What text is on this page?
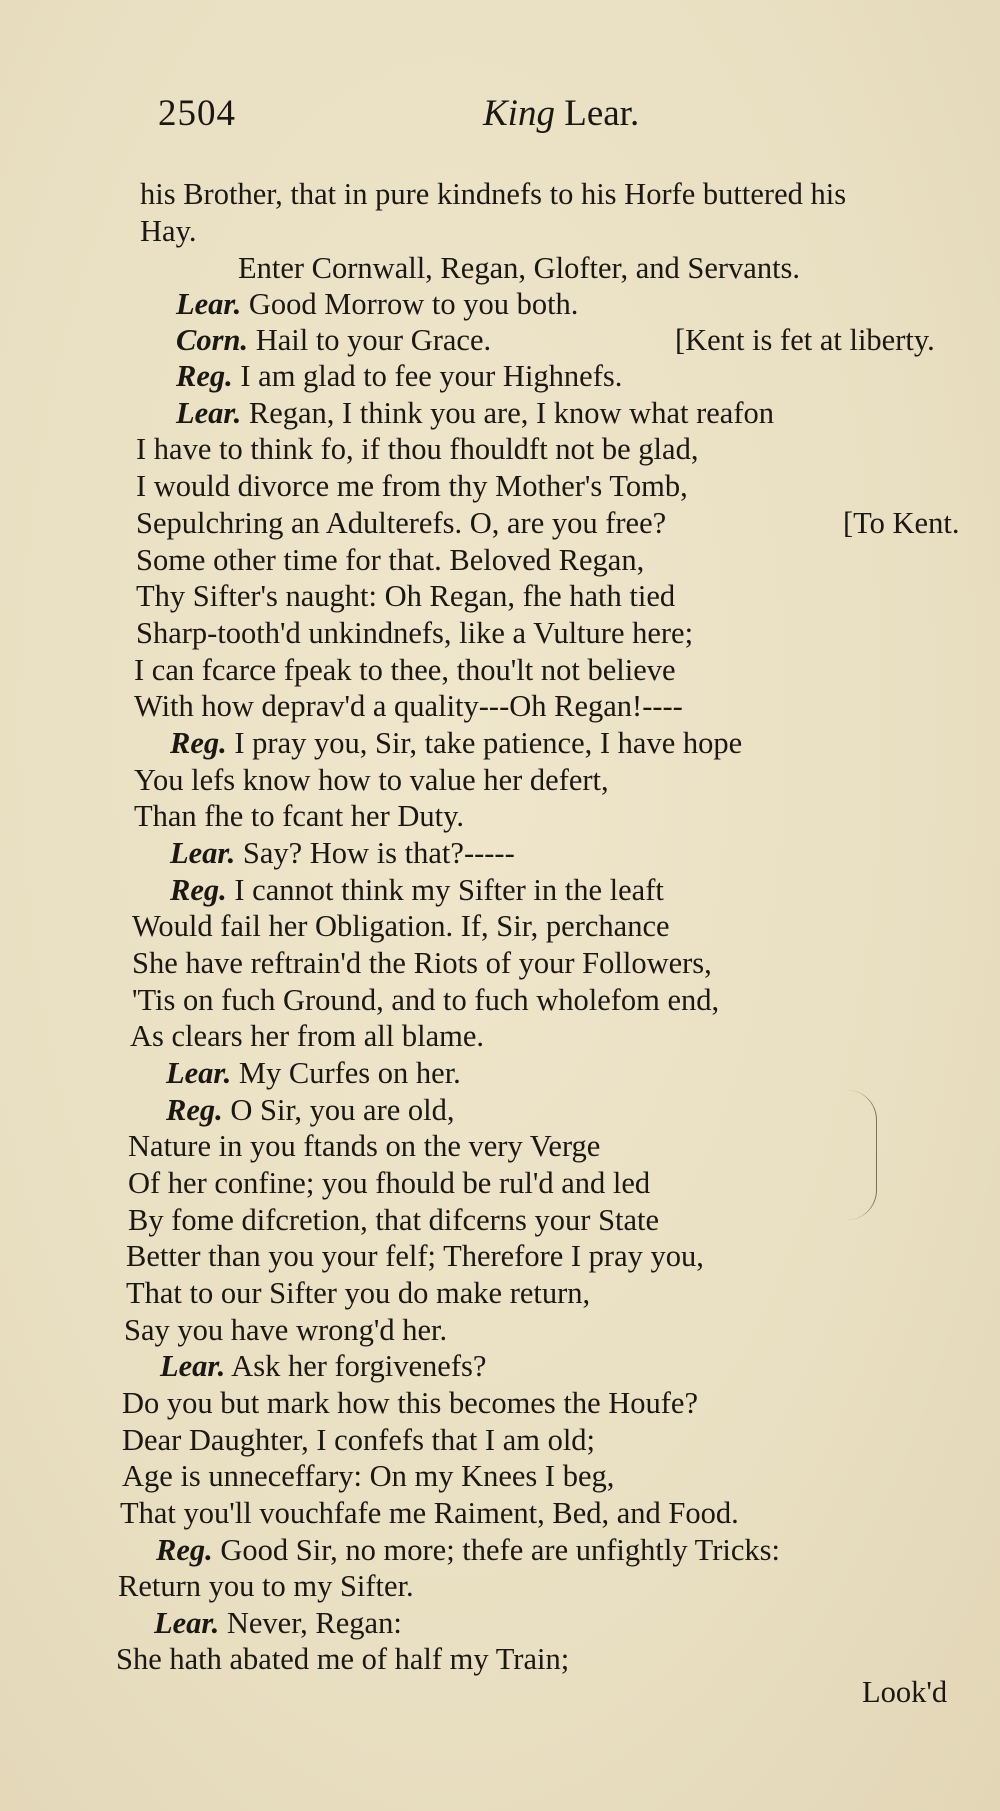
2504	King Lear.
his Brother, that in pure kindnefs to his Horfe buttered his
Hay.
Enter Cornwall, Regan, Glofter, and Servants.
Lear. Good Morrow to you both.
Corn. Hail to your Grace.	[Kent is fet at liberty.
Reg. I am glad to fee your Highnefs.
Lear. Regan, I think you are, I know what reafon
I have to think fo, if thou fhouldft not be glad,
I would divorce me from thy Mother's Tomb,
Sepulchring an Adulterefs. O, are you free?	[To Kent.
Some other time for that. Beloved Regan,
Thy Sifter's naught: Oh Regan, fhe hath tied
Sharp-tooth'd unkindnefs, like a Vulture here;
I can fcarce fpeak to thee, thou'lt not believe
With how deprav'd a quality---Oh Regan!----
Reg. I pray you, Sir, take patience, I have hope
You lefs know how to value her defert,
Than fhe to fcant her Duty.
Lear. Say? How is that?-----
Reg. I cannot think my Sifter in the leaft
Would fail her Obligation. If, Sir, perchance
She have reftrain'd the Riots of your Followers,
'Tis on fuch Ground, and to fuch wholefom end,
As clears her from all blame.
Lear. My Curfes on her.
Reg. O Sir, you are old,
Nature in you ftands on the very Verge
Of her confine; you fhould be rul'd and led
By fome difcretion, that difcerns your State
Better than you your felf; Therefore I pray you,
That to our Sifter you do make return,
Say you have wrong'd her.
Lear. Ask her forgivenefs?
Do you but mark how this becomes the Houfe?
Dear Daughter, I confefs that I am old;
Age is unneceffary: On my Knees I beg,
That you'll vouchfafe me Raiment, Bed, and Food.
Reg. Good Sir, no more; thefe are unfightly Tricks:
Return you to my Sifter.
Lear. Never, Regan:
She hath abated me of half my Train;
Look'd
